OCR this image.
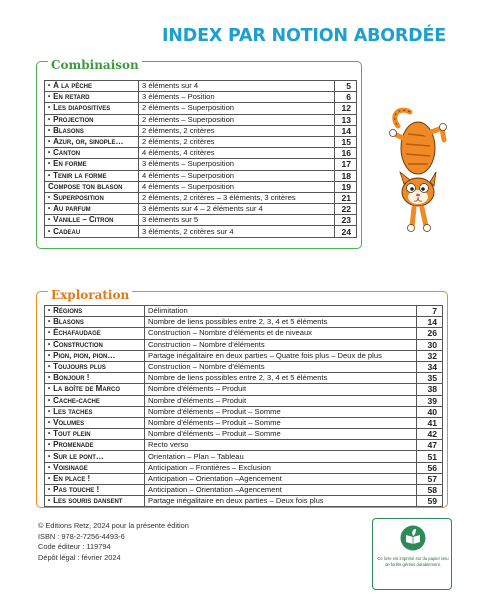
INDEX PAR NOTION ABORDÉE
Combinaison
• À la pêche	3 éléments sur 4	5
• En retard	3 éléments – Position	6
• Les diapositives	2 éléments – Superposition	12
• Projection	2 éléments – Superposition	13
• Blasons	2 éléments, 2 critères	14
• Azur, or, sinople…	2 éléments, 2 critères	15
• Canton	4 éléments, 4 critères	16
• En forme	3 éléments – Superposition	17
• Tenir la forme	4 éléments – Superposition	18
Compose ton blason	4 éléments – Superposition	19
• Superposition	2 éléments, 2 critères – 3 éléments, 3 critères	21
• Au parfum	3 éléments sur 4 – 2 éléments sur 4	22
• Vanille – Citron	3 éléments sur 5	23
• Cadeau	3 éléments, 2 critères sur 4	24
Exploration
• Régions	Délimitation	7
• Blasons	Nombre de liens possibles entre 2, 3, 4 et 5 éléments	14
• Échafaudage	Construction – Nombre d'éléments et de niveaux	26
• Construction	Construction – Nombre d'éléments	30
• Pion, pion, pion…	Partage inégalitaire en deux parties – Quatre fois plus – Deux de plus	32
• Toujours plus	Construction – Nombre d'éléments	34
• Bonjour !	Nombre de liens possibles entre 2, 3, 4 et 5 éléments	35
• La boîte de Marco	Nombre d'éléments – Produit	38
• Cache-cache	Nombre d'éléments – Produit	39
• Les taches	Nombre d'éléments – Produit – Somme	40
• Volumes	Nombre d'éléments – Produit – Somme	41
• Tout plein	Nombre d'éléments – Produit – Somme	42
• Promenade	Recto verso	47
• Sur le pont…	Orientation – Plan – Tableau	51
• Voisinage	Anticipation – Frontières – Exclusion	56
• En place !	Anticipation – Orientation –Agencement	57
• Pas touche !	Anticipation – Orientation –Agencement	58
• Les souris dansent	Partage inégalitaire en deux parties – Deux fois plus	59
© Editions Retz, 2024 pour la présente édition
ISBN : 978-2-7256-4493-6
Code éditeur : 119794
Dépôt légal : février 2024	Ce livre est imprimé sur du papier issu de forêts gérées durablement.
